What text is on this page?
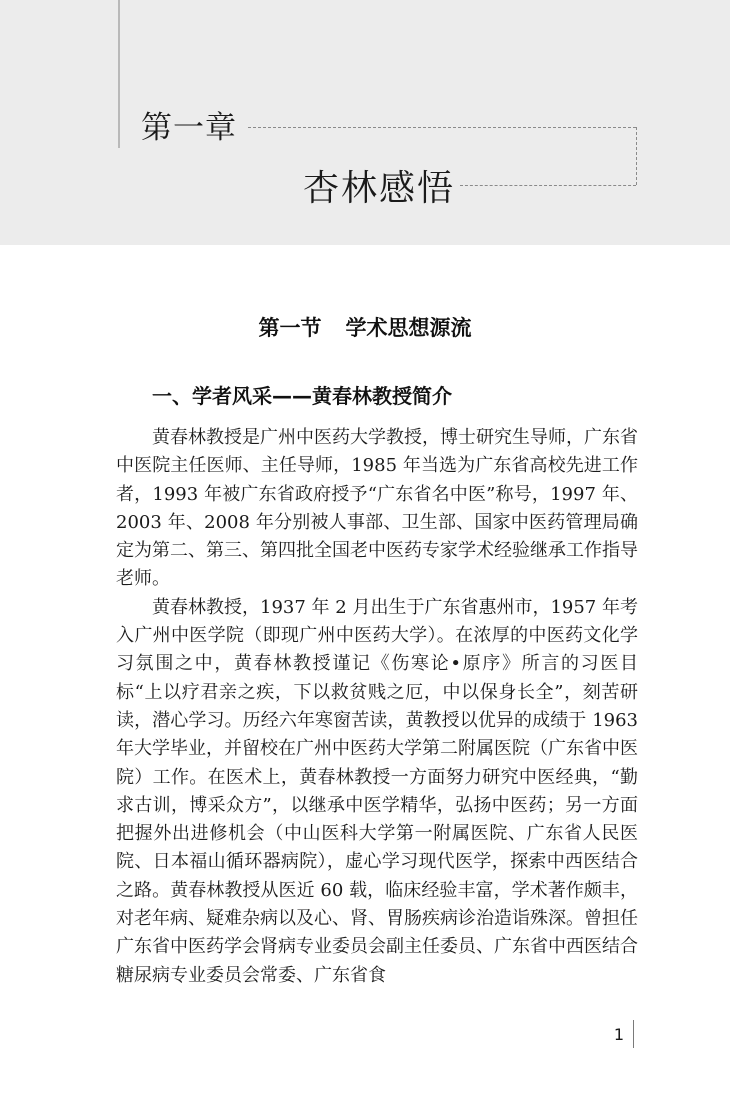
第一章
杏林感悟
第一节 学术思想源流
一、学者风采——黄春林教授简介

黄春林教授是广州中医药大学教授，博士研究生导师，广东省中医院主任医师、主任导师，1985 年当选为广东省高校先进工作者，1993 年被广东省政府授予“广东省名中医”称号，1997 年、2003 年、2008 年分别被人事部、卫生部、国家中医药管理局确定为第二、第三、第四批全国老中医药专家学术经验继承工作指导老师。

黄春林教授，1937 年 2 月出生于广东省惠州市，1957 年考入广州中医学院（即现广州中医药大学）。在浓厚的中医药文化学习氛围之中，黄春林教授谨记《伤寒论•原序》所言的习医目标“上以疗君亲之疾，下以救贫贱之厄，中以保身长全”，刻苦研读，潜心学习。历经六年寒窗苦读，黄教授以优异的成绩于 1963 年大学毕业，并留校在广州中医药大学第二附属医院（广东省中医院）工作。在医术上，黄春林教授一方面努力研究中医经典，“勤求古训，博采众方”，以继承中医学精华，弘扬中医药；另一方面把握外出进修机会（中山医科大学第一附属医院、广东省人民医院、日本福山循环器病院），虚心学习现代医学，探索中西医结合之路。黄春林教授从医近 60 载，临床经验丰富，学术著作颇丰，对老年病、疑难杂病以及心、肾、胃肠疾病诊治造诣殊深。曾担任广东省中医药学会肾病专业委员会副主任委员、广东省中西医结合糖尿病专业委员会常委、广东省食

1
